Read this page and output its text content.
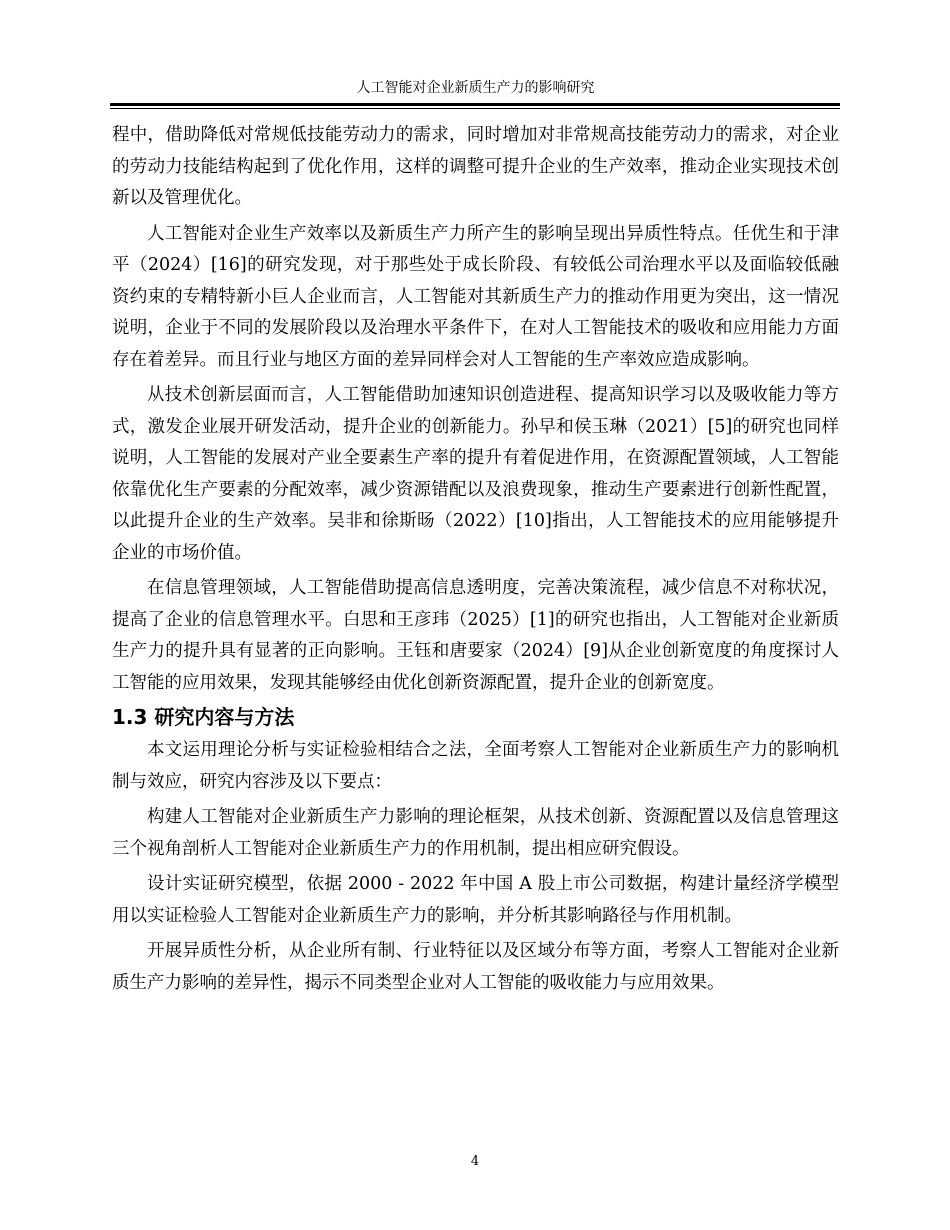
人工智能对企业新质生产力的影响研究

程中，借助降低对常规低技能劳动力的需求，同时增加对非常规高技能劳动力的需求，对企业的劳动力技能结构起到了优化作用，这样的调整可提升企业的生产效率，推动企业实现技术创新以及管理优化。

人工智能对企业生产效率以及新质生产力所产生的影响呈现出异质性特点。任优生和于津平（2024）[16]的研究发现，对于那些处于成长阶段、有较低公司治理水平以及面临较低融资约束的专精特新小巨人企业而言，人工智能对其新质生产力的推动作用更为突出，这一情况说明，企业于不同的发展阶段以及治理水平条件下，在对人工智能技术的吸收和应用能力方面存在着差异。而且行业与地区方面的差异同样会对人工智能的生产率效应造成影响。

从技术创新层面而言，人工智能借助加速知识创造进程、提高知识学习以及吸收能力等方式，激发企业展开研发活动，提升企业的创新能力。孙早和侯玉琳（2021）[5]的研究也同样说明，人工智能的发展对产业全要素生产率的提升有着促进作用，在资源配置领域，人工智能依靠优化生产要素的分配效率，减少资源错配以及浪费现象，推动生产要素进行创新性配置，以此提升企业的生产效率。吴非和徐斯旸（2022）[10]指出，人工智能技术的应用能够提升企业的市场价值。

在信息管理领域，人工智能借助提高信息透明度，完善决策流程，减少信息不对称状况，提高了企业的信息管理水平。白思和王彦玮（2025）[1]的研究也指出，人工智能对企业新质生产力的提升具有显著的正向影响。王钰和唐要家（2024）[9]从企业创新宽度的角度探讨人工智能的应用效果，发现其能够经由优化创新资源配置，提升企业的创新宽度。

1.3 研究内容与方法

本文运用理论分析与实证检验相结合之法，全面考察人工智能对企业新质生产力的影响机制与效应，研究内容涉及以下要点：

构建人工智能对企业新质生产力影响的理论框架，从技术创新、资源配置以及信息管理这三个视角剖析人工智能对企业新质生产力的作用机制，提出相应研究假设。

设计实证研究模型，依据 2000 - 2022 年中国 A 股上市公司数据，构建计量经济学模型用以实证检验人工智能对企业新质生产力的影响，并分析其影响路径与作用机制。

开展异质性分析，从企业所有制、行业特征以及区域分布等方面，考察人工智能对企业新质生产力影响的差异性，揭示不同类型企业对人工智能的吸收能力与应用效果。

4
